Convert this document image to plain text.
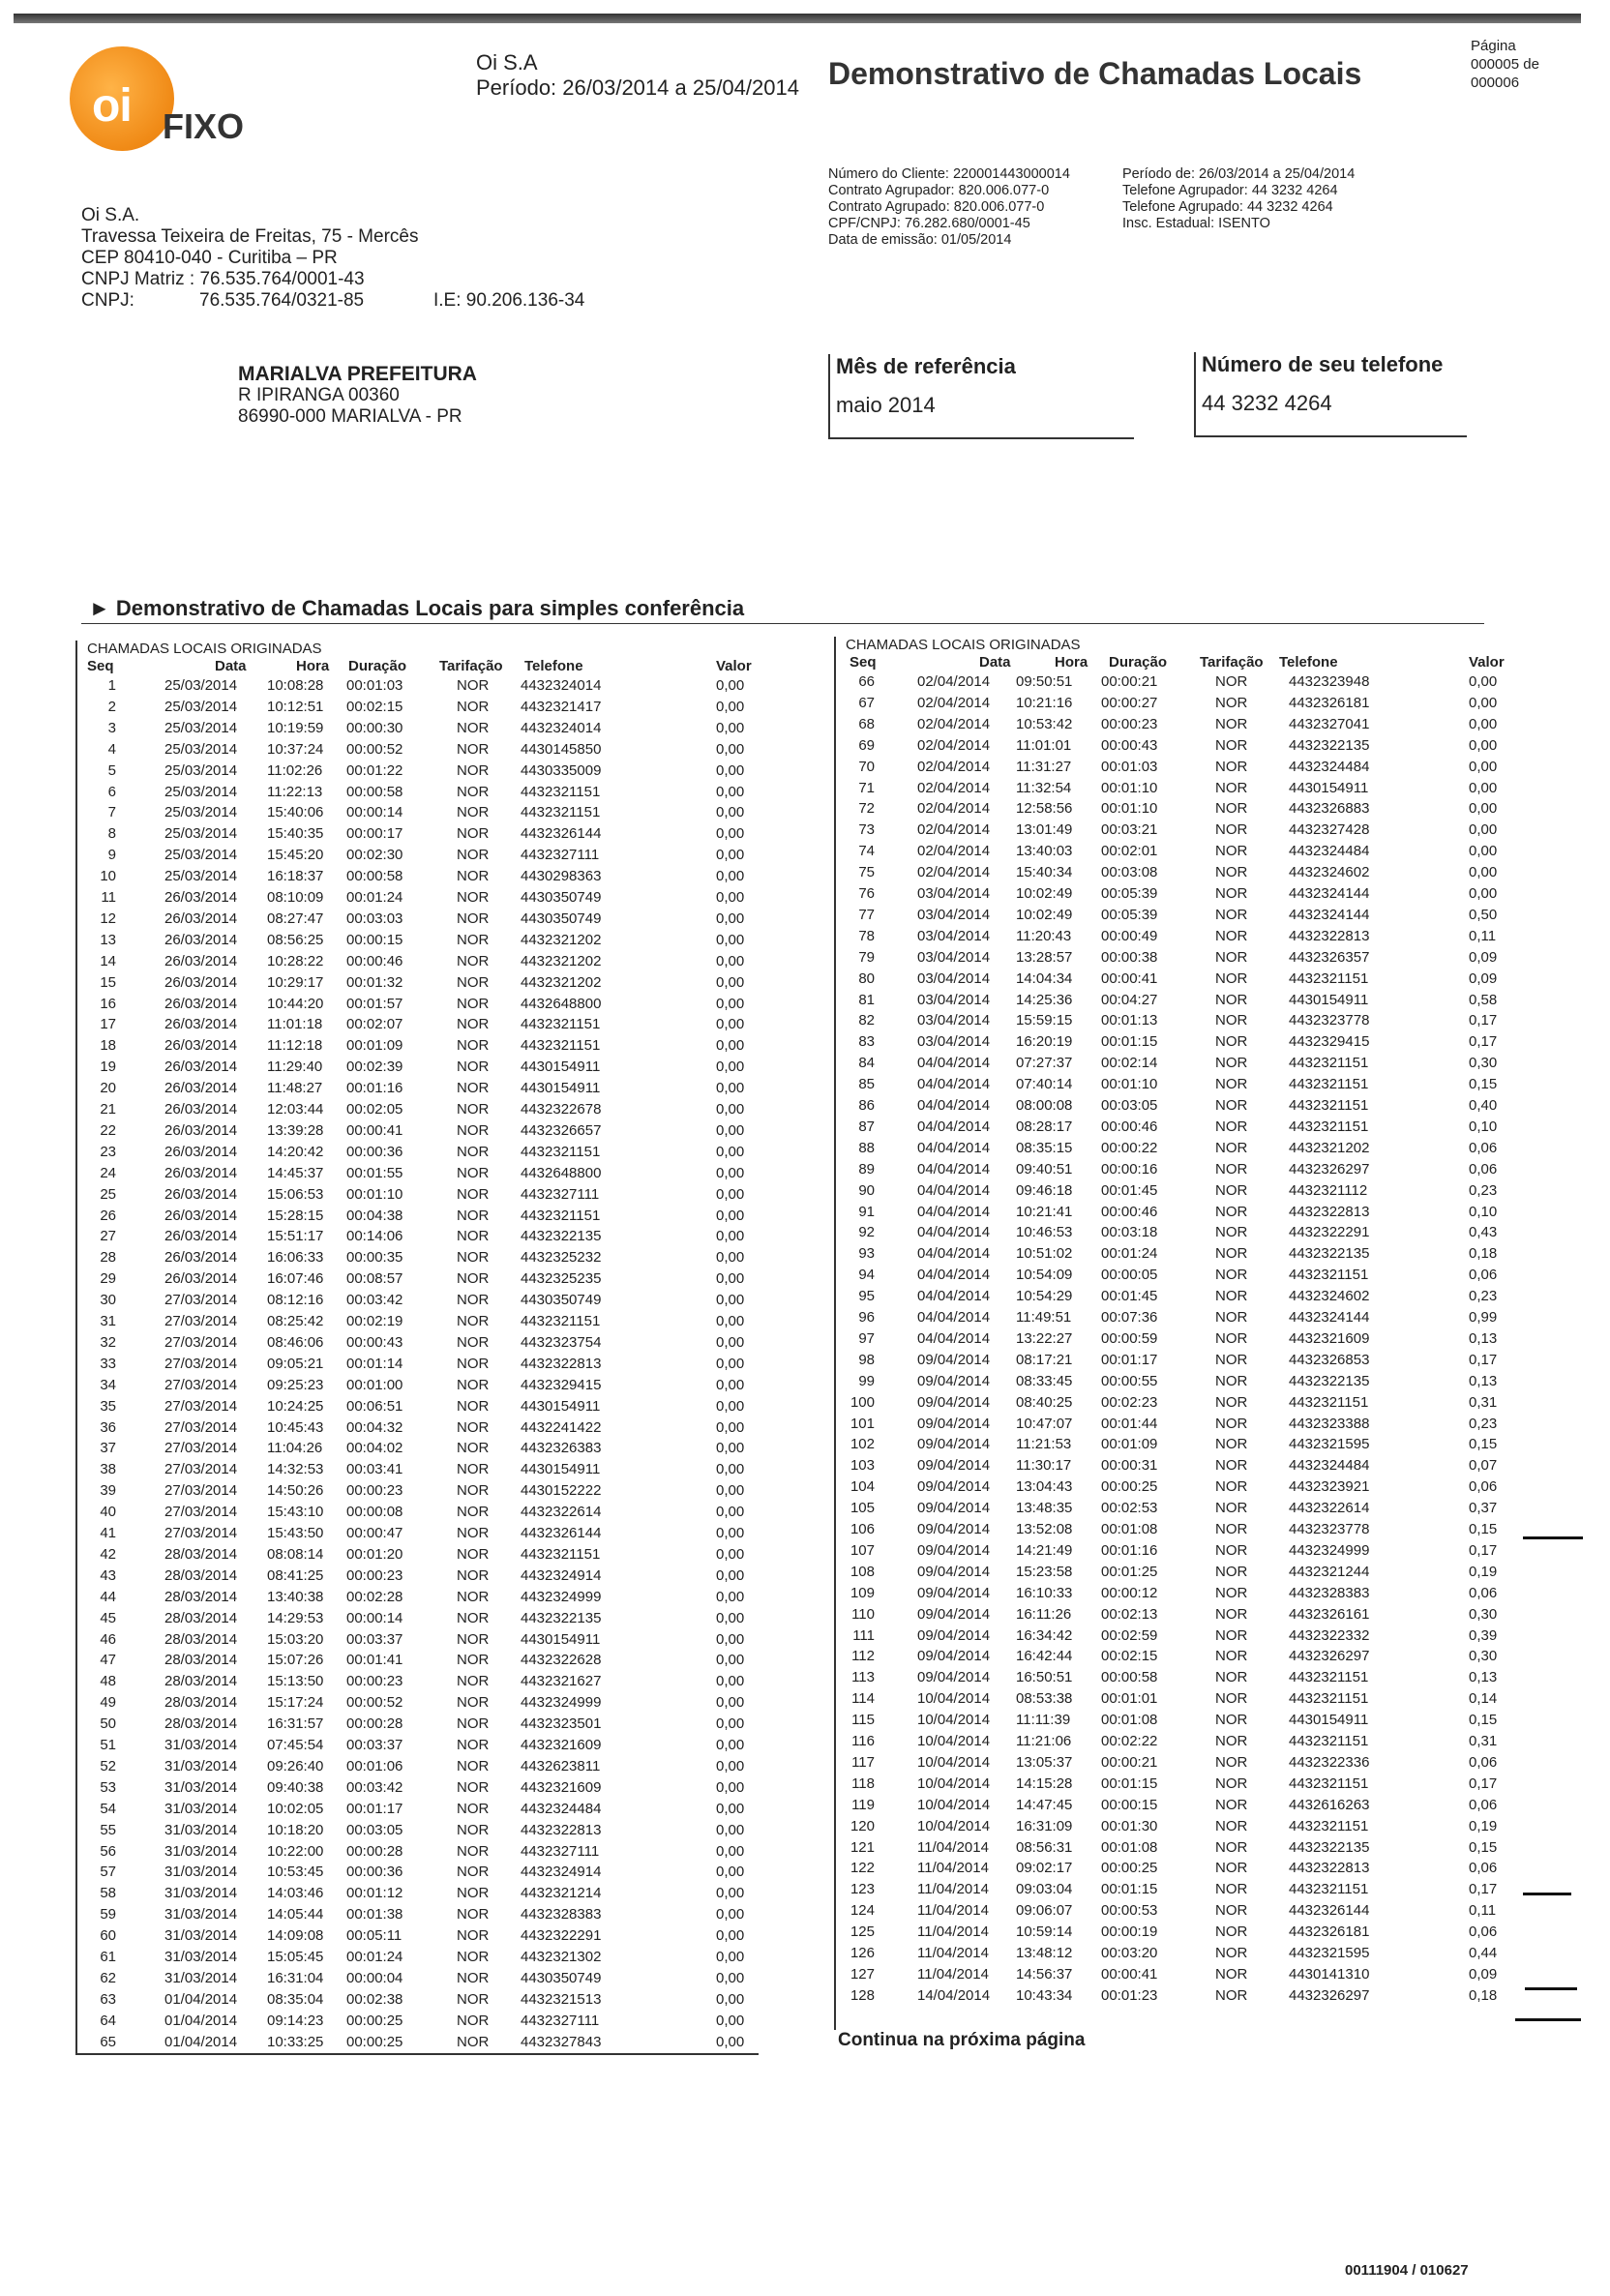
oi FIXO
Oi S.A
Período: 26/03/2014 a 25/04/2014 Demonstrativo de Chamadas Locais
Página
000005 de
000006
Oi S.A.
Travessa Teixeira de Freitas, 75 - Mercês
CEP 80410-040 - Curitiba – PR
CNPJ Matriz : 76.535.764/0001-43
CNPJ:	76.535.764/0321-85	I.E: 90.206.136-34
Número do Cliente: 220001443000014
Contrato Agrupador: 820.006.077-0
Contrato Agrupado: 820.006.077-0
CPF/CNPJ: 76.282.680/0001-45
Data de emissão: 01/05/2014
Período de: 26/03/2014 a 25/04/2014
Telefone Agrupador: 44 3232 4264
Telefone Agrupado: 44 3232 4264
Insc. Estadual: ISENTO
MARIALVA PREFEITURA
R IPIRANGA 00360
86990-000 MARIALVA - PR
Mês de referência
maio 2014
Número de seu telefone
44 3232 4264
► Demonstrativo de Chamadas Locais para simples conferência
CHAMADAS LOCAIS ORIGINADAS
Seq	Data	Hora Duração Tarifação Telefone	Valor
1	25/03/2014 10:08:28 00:01:03	NOR 4432324014	0,00
2	25/03/2014 10:12:51 00:02:15	NOR 4432321417	0,00
3	25/03/2014 10:19:59 00:00:30	NOR 4432324014	0,00
4	25/03/2014 10:37:24 00:00:52	NOR 4430145850	0,00
5	25/03/2014 11:02:26 00:01:22	NOR 4430335009	0,00
6	25/03/2014 11:22:13 00:00:58	NOR 4432321151	0,00
7	25/03/2014 15:40:06 00:00:14	NOR 4432321151	0,00
8	25/03/2014 15:40:35 00:00:17	NOR 4432326144	0,00
9	25/03/2014 15:45:20 00:02:30	NOR 4432327111	0,00
10	25/03/2014 16:18:37 00:00:58	NOR 4430298363	0,00
11	26/03/2014 08:10:09 00:01:24	NOR 4430350749	0,00
12	26/03/2014 08:27:47 00:03:03	NOR 4430350749	0,00
13	26/03/2014 08:56:25 00:00:15	NOR 4432321202	0,00
14	26/03/2014 10:28:22 00:00:46	NOR 4432321202	0,00
15	26/03/2014 10:29:17 00:01:32	NOR 4432321202	0,00
16	26/03/2014 10:44:20 00:01:57	NOR 4432648800	0,00
17	26/03/2014 11:01:18 00:02:07	NOR 4432321151	0,00
18	26/03/2014 11:12:18 00:01:09	NOR 4432321151	0,00
19	26/03/2014 11:29:40 00:02:39	NOR 4430154911	0,00
20	26/03/2014 11:48:27 00:01:16	NOR 4430154911	0,00
21	26/03/2014 12:03:44 00:02:05	NOR 4432322678	0,00
22	26/03/2014 13:39:28 00:00:41	NOR 4432326657	0,00
23	26/03/2014 14:20:42 00:00:36	NOR 4432321151	0,00
24	26/03/2014 14:45:37 00:01:55	NOR 4432648800	0,00
25	26/03/2014 15:06:53 00:01:10	NOR 4432327111	0,00
26	26/03/2014 15:28:15 00:04:38	NOR 4432321151	0,00
27	26/03/2014 15:51:17 00:14:06	NOR 4432322135	0,00
28	26/03/2014 16:06:33 00:00:35	NOR 4432325232	0,00
29	26/03/2014 16:07:46 00:08:57	NOR 4432325235	0,00
30	27/03/2014 08:12:16 00:03:42	NOR 4430350749	0,00
31	27/03/2014 08:25:42 00:02:19	NOR 4432321151	0,00
32	27/03/2014 08:46:06 00:00:43	NOR 4432323754	0,00
33	27/03/2014 09:05:21 00:01:14	NOR 4432322813	0,00
34	27/03/2014 09:25:23 00:01:00	NOR 4432329415	0,00
35	27/03/2014 10:24:25 00:06:51	NOR 4430154911	0,00
36	27/03/2014 10:45:43 00:04:32	NOR 4432241422	0,00
37	27/03/2014 11:04:26 00:04:02	NOR 4432326383	0,00
38	27/03/2014 14:32:53 00:03:41	NOR 4430154911	0,00
39	27/03/2014 14:50:26 00:00:23	NOR 4430152222	0,00
40	27/03/2014 15:43:10 00:00:08	NOR 4432322614	0,00
41	27/03/2014 15:43:50 00:00:47	NOR 4432326144	0,00
42	28/03/2014 08:08:14 00:01:20	NOR 4432321151	0,00
43	28/03/2014 08:41:25 00:00:23	NOR 4432324914	0,00
44	28/03/2014 13:40:38 00:02:28	NOR 4432324999	0,00
45	28/03/2014 14:29:53 00:00:14	NOR 4432322135	0,00
46	28/03/2014 15:03:20 00:03:37	NOR 4430154911	0,00
47	28/03/2014 15:07:26 00:01:41	NOR 4432322628	0,00
48	28/03/2014 15:13:50 00:00:23	NOR 4432321627	0,00
49	28/03/2014 15:17:24 00:00:52	NOR 4432324999	0,00
50	28/03/2014 16:31:57 00:00:28	NOR 4432323501	0,00
51	31/03/2014 07:45:54 00:03:37	NOR 4432321609	0,00
52	31/03/2014 09:26:40 00:01:06	NOR 4432623811	0,00
53	31/03/2014 09:40:38 00:03:42	NOR 4432321609	0,00
54	31/03/2014 10:02:05 00:01:17	NOR 4432324484	0,00
55	31/03/2014 10:18:20 00:03:05	NOR 4432322813	0,00
56	31/03/2014 10:22:00 00:00:28	NOR 4432327111	0,00
57	31/03/2014 10:53:45 00:00:36	NOR 4432324914	0,00
58	31/03/2014 14:03:46 00:01:12	NOR 4432321214	0,00
59	31/03/2014 14:05:44 00:01:38	NOR 4432328383	0,00
60	31/03/2014 14:09:08 00:05:11	NOR 4432322291	0,00
61	31/03/2014 15:05:45 00:01:24	NOR 4432321302	0,00
62	31/03/2014 16:31:04 00:00:04	NOR 4430350749	0,00
63	01/04/2014 08:35:04 00:02:38	NOR 4432321513	0,00
64	01/04/2014 09:14:23 00:00:25	NOR 4432327111	0,00
65	01/04/2014 10:33:25 00:00:25	NOR 4432327843	0,00
CHAMADAS LOCAIS ORIGINADAS
Seq	Data	Hora Duração Tarifação Telefone	Valor
66	02/04/2014 09:50:51 00:00:21	NOR	4432323948	0,00
67	02/04/2014 10:21:16 00:00:27	NOR	4432326181	0,00
68	02/04/2014 10:53:42 00:00:23	NOR	4432327041	0,00
69	02/04/2014 11:01:01 00:00:43	NOR	4432322135	0,00
70	02/04/2014 11:31:27 00:01:03	NOR	4432324484	0,00
71	02/04/2014 11:32:54 00:01:10	NOR	4430154911	0,00
72	02/04/2014 12:58:56 00:01:10	NOR	4432326883	0,00
73	02/04/2014 13:01:49 00:03:21	NOR	4432327428	0,00
74	02/04/2014 13:40:03 00:02:01	NOR	4432324484	0,00
75	02/04/2014 15:40:34 00:03:08	NOR	4432324602	0,00
76	03/04/2014 10:02:49 00:05:39	NOR	4432324144	0,00
77	03/04/2014 10:02:49 00:05:39	NOR	4432324144	0,50
78	03/04/2014 11:20:43 00:00:49	NOR	4432322813	0,11
79	03/04/2014 13:28:57 00:00:38	NOR	4432326357	0,09
80	03/04/2014 14:04:34 00:00:41	NOR	4432321151	0,09
81	03/04/2014 14:25:36 00:04:27	NOR	4430154911	0,58
82	03/04/2014 15:59:15 00:01:13	NOR	4432323778	0,17
83	03/04/2014 16:20:19 00:01:15	NOR	4432329415	0,17
84	04/04/2014 07:27:37 00:02:14	NOR	4432321151	0,30
85	04/04/2014 07:40:14 00:01:10	NOR	4432321151	0,15
86	04/04/2014 08:00:08 00:03:05	NOR	4432321151	0,40
87	04/04/2014 08:28:17 00:00:46	NOR	4432321151	0,10
88	04/04/2014 08:35:15 00:00:22	NOR	4432321202	0,06
89	04/04/2014 09:40:51 00:00:16	NOR	4432326297	0,06
90	04/04/2014 09:46:18 00:01:45	NOR	4432321112	0,23
91	04/04/2014 10:21:41 00:00:46	NOR	4432322813	0,10
92	04/04/2014 10:46:53 00:03:18	NOR	4432322291	0,43
93	04/04/2014 10:51:02 00:01:24	NOR	4432322135	0,18
94	04/04/2014 10:54:09 00:00:05	NOR	4432321151	0,06
95	04/04/2014 10:54:29 00:01:45	NOR	4432324602	0,23
96	04/04/2014 11:49:51 00:07:36	NOR	4432324144	0,99
97	04/04/2014 13:22:27 00:00:59	NOR	4432321609	0,13
98	09/04/2014 08:17:21 00:01:17	NOR	4432326853	0,17
99	09/04/2014 08:33:45 00:00:55	NOR	4432322135	0,13
100	09/04/2014 08:40:25 00:02:23	NOR	4432321151	0,31
101	09/04/2014 10:47:07 00:01:44	NOR	4432323388	0,23
102	09/04/2014 11:21:53 00:01:09	NOR	4432321595	0,15
103	09/04/2014 11:30:17 00:00:31	NOR	4432324484	0,07
104	09/04/2014 13:04:43 00:00:25	NOR	4432323921	0,06
105	09/04/2014 13:48:35 00:02:53	NOR	4432322614	0,37
106	09/04/2014 13:52:08 00:01:08	NOR	4432323778	0,15
107	09/04/2014 14:21:49 00:01:16	NOR	4432324999	0,17
108	09/04/2014 15:23:58 00:01:25	NOR	4432321244	0,19
109	09/04/2014 16:10:33 00:00:12	NOR	4432328383	0,06
110	09/04/2014 16:11:26 00:02:13	NOR	4432326161	0,30
111	09/04/2014 16:34:42 00:02:59	NOR	4432322332	0,39
112	09/04/2014 16:42:44 00:02:15	NOR	4432326297	0,30
113	09/04/2014 16:50:51 00:00:58	NOR	4432321151	0,13
114	10/04/2014 08:53:38 00:01:01	NOR	4432321151	0,14
115	10/04/2014 11:11:39 00:01:08	NOR	4430154911	0,15
116	10/04/2014 11:21:06 00:02:22	NOR	4432321151	0,31
117	10/04/2014 13:05:37 00:00:21	NOR	4432322336	0,06
118	10/04/2014 14:15:28 00:01:15	NOR	4432321151	0,17
119	10/04/2014 14:47:45 00:00:15	NOR	4432616263	0,06
120	10/04/2014 16:31:09 00:01:30	NOR	4432321151	0,19
121	11/04/2014 08:56:31 00:01:08	NOR	4432322135	0,15
122	11/04/2014 09:02:17 00:00:25	NOR	4432322813	0,06
123	11/04/2014 09:03:04 00:01:15	NOR	4432321151	0,17
124	11/04/2014 09:06:07 00:00:53	NOR	4432326144	0,11
125	11/04/2014 10:59:14 00:00:19	NOR	4432326181	0,06
126	11/04/2014 13:48:12 00:03:20	NOR	4432321595	0,44
127	11/04/2014 14:56:37 00:00:41	NOR	4430141310	0,09
128	14/04/2014 10:43:34 00:01:23	NOR	4432326297	0,18
Continua na próxima página
00111904 / 010627
